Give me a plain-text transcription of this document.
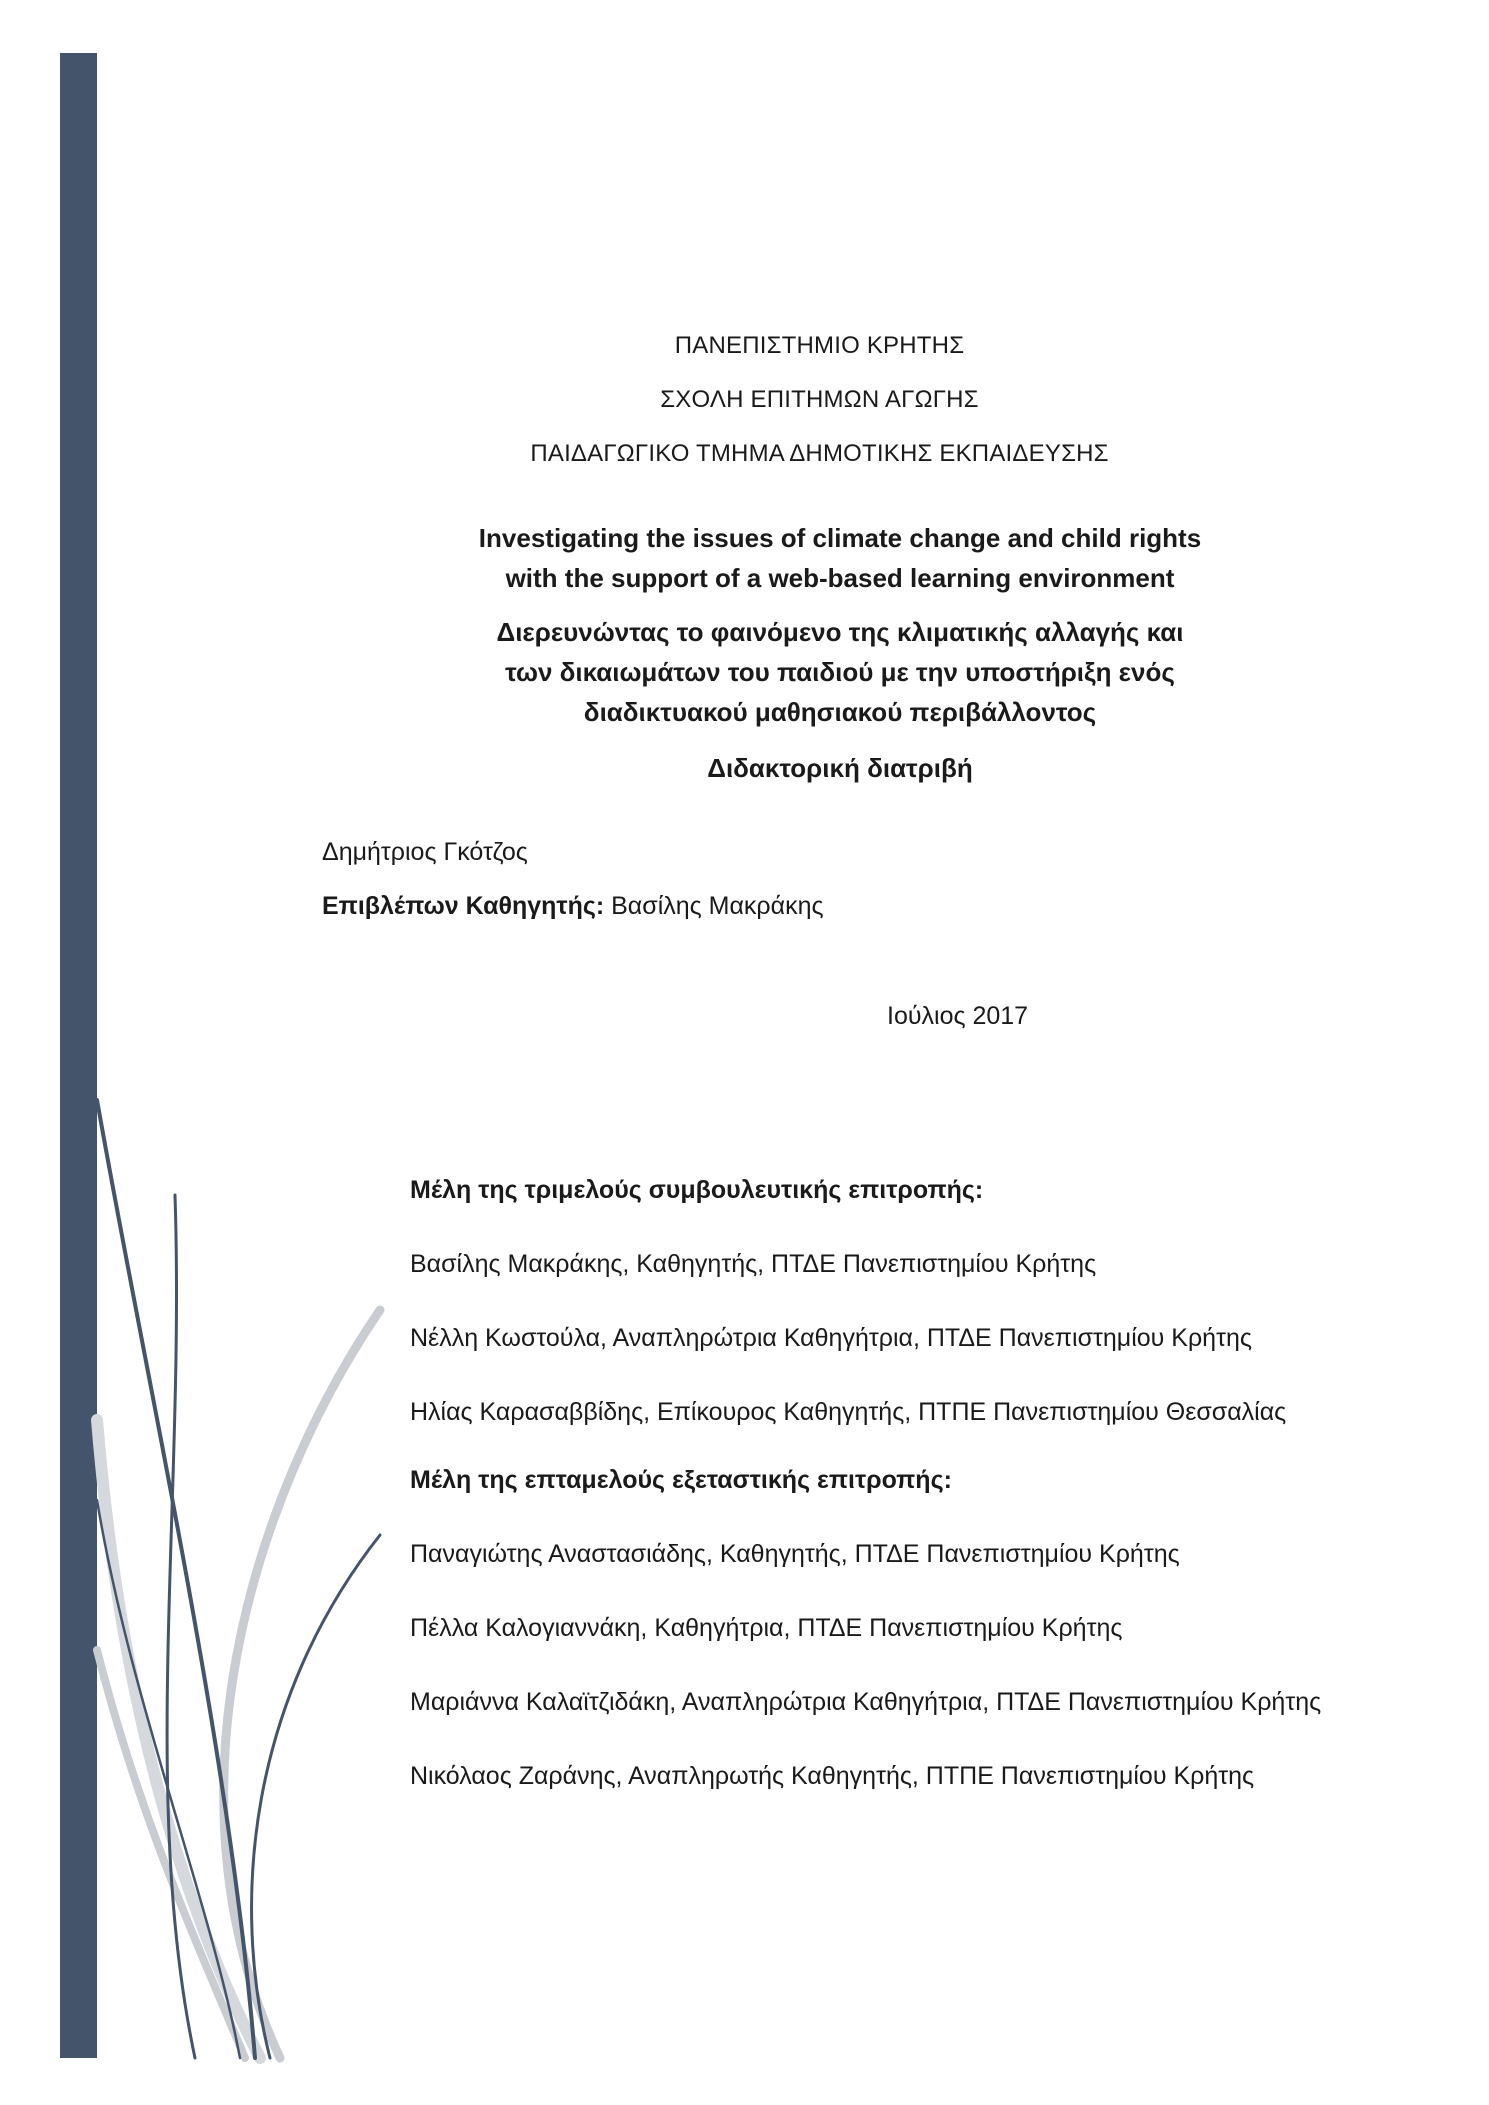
ΠΑΝΕΠΙΣΤΗΜΙΟ ΚΡΗΤΗΣ
ΣΧΟΛΗ ΕΠΙΤΗΜΩΝ ΑΓΩΓΗΣ
ΠΑΙΔΑΓΩΓΙΚΟ ΤΜΗΜΑ ΔΗΜΟΤΙΚΗΣ ΕΚΠΑΙΔΕΥΣΗΣ
Investigating the issues of climate change and child rights
with the support of a web-based learning environment
Διερευνώντας το φαινόμενο της κλιματικής αλλαγής και
των δικαιωμάτων του παιδιού με την υποστήριξη ενός
διαδικτυακού μαθησιακού περιβάλλοντος
Διδακτορική διατριβή
Δημήτριος Γκότζος
Επιβλέπων Καθηγητής: Βασίλης Μακράκης
Ιούλιος 2017
Μέλη της τριμελούς συμβουλευτικής επιτροπής:
Βασίλης Μακράκης, Καθηγητής, ΠΤΔΕ Πανεπιστημίου Κρήτης
Νέλλη Κωστούλα, Αναπληρώτρια Καθηγήτρια, ΠΤΔΕ Πανεπιστημίου Κρήτης
Ηλίας Καρασαββίδης, Επίκουρος Καθηγητής, ΠΤΠΕ Πανεπιστημίου Θεσσαλίας
Μέλη της επταμελούς εξεταστικής επιτροπής:
Παναγιώτης Αναστασιάδης, Καθηγητής, ΠΤΔΕ Πανεπιστημίου Κρήτης
Πέλλα Καλογιαννάκη, Καθηγήτρια, ΠΤΔΕ Πανεπιστημίου Κρήτης
Μαριάννα Καλαϊτζιδάκη, Αναπληρώτρια Καθηγήτρια, ΠΤΔΕ Πανεπιστημίου Κρήτης
Νικόλαος Ζαράνης, Αναπληρωτής Καθηγητής, ΠΤΠΕ Πανεπιστημίου Κρήτης
